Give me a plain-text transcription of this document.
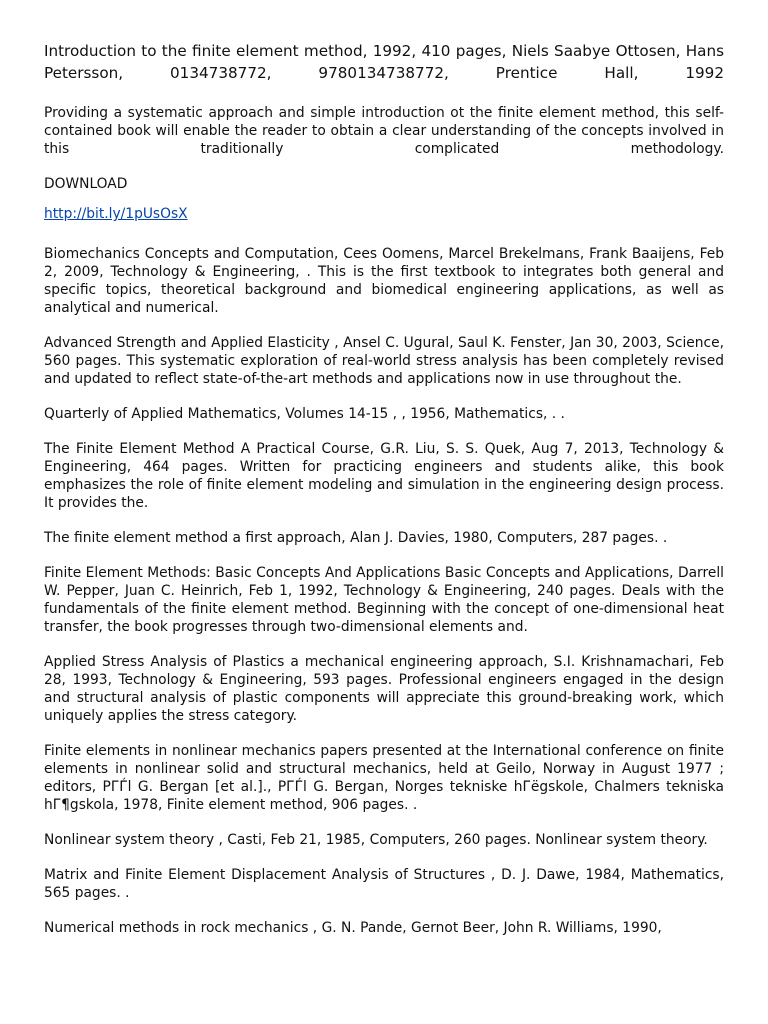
Introduction to the finite element method, 1992, 410 pages, Niels Saabye Ottosen, Hans Petersson, 0134738772, 9780134738772, Prentice Hall, 1992

Providing a systematic approach and simple introduction ot the finite element method, this self-contained book will enable the reader to obtain a clear understanding of the concepts involved in this traditionally complicated methodology.

DOWNLOAD

http://bit.ly/1pUsOsX

Biomechanics Concepts and Computation, Cees Oomens, Marcel Brekelmans, Frank Baaijens, Feb 2, 2009, Technology & Engineering, . This is the first textbook to integrates both general and specific topics, theoretical background and biomedical engineering applications, as well as analytical and numerical.

Advanced Strength and Applied Elasticity , Ansel C. Ugural, Saul K. Fenster, Jan 30, 2003, Science, 560 pages. This systematic exploration of real-world stress analysis has been completely revised and updated to reflect state-of-the-art methods and applications now in use throughout the.

Quarterly of Applied Mathematics, Volumes 14-15 , , 1956, Mathematics, . .

The Finite Element Method A Practical Course, G.R. Liu, S. S. Quek, Aug 7, 2013, Technology & Engineering, 464 pages. Written for practicing engineers and students alike, this book emphasizes the role of finite element modeling and simulation in the engineering design process. It provides the.

The finite element method a first approach, Alan J. Davies, 1980, Computers, 287 pages. .

Finite Element Methods: Basic Concepts And Applications Basic Concepts and Applications, Darrell W. Pepper, Juan C. Heinrich, Feb 1, 1992, Technology & Engineering, 240 pages. Deals with the fundamentals of the finite element method. Beginning with the concept of one-dimensional heat transfer, the book progresses through two-dimensional elements and.

Applied Stress Analysis of Plastics a mechanical engineering approach, S.I. Krishnamachari, Feb 28, 1993, Technology & Engineering, 593 pages. Professional engineers engaged in the design and structural analysis of plastic components will appreciate this ground-breaking work, which uniquely applies the stress category.

Finite elements in nonlinear mechanics papers presented at the International conference on finite elements in nonlinear solid and structural mechanics, held at Geilo, Norway in August 1977 ; editors, PГЃl G. Bergan [et al.]., PГЃl G. Bergan, Norges tekniske hГёgskole, Chalmers tekniska hГ¶gskola, 1978, Finite element method, 906 pages. .

Nonlinear system theory , Casti, Feb 21, 1985, Computers, 260 pages. Nonlinear system theory.

Matrix and Finite Element Displacement Analysis of Structures , D. J. Dawe, 1984, Mathematics, 565 pages. .

Numerical methods in rock mechanics , G. N. Pande, Gernot Beer, John R. Williams, 1990,
